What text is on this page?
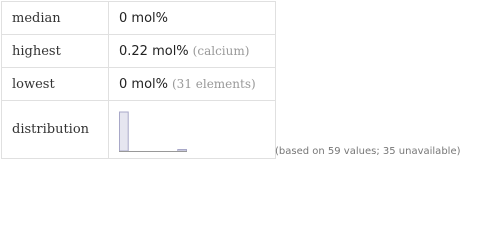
median	0 mol%
highest	0.22 mol% (calcium)
lowest	0 mol% (31 elements)
distribution	
(based on 59 values; 35 unavailable)
